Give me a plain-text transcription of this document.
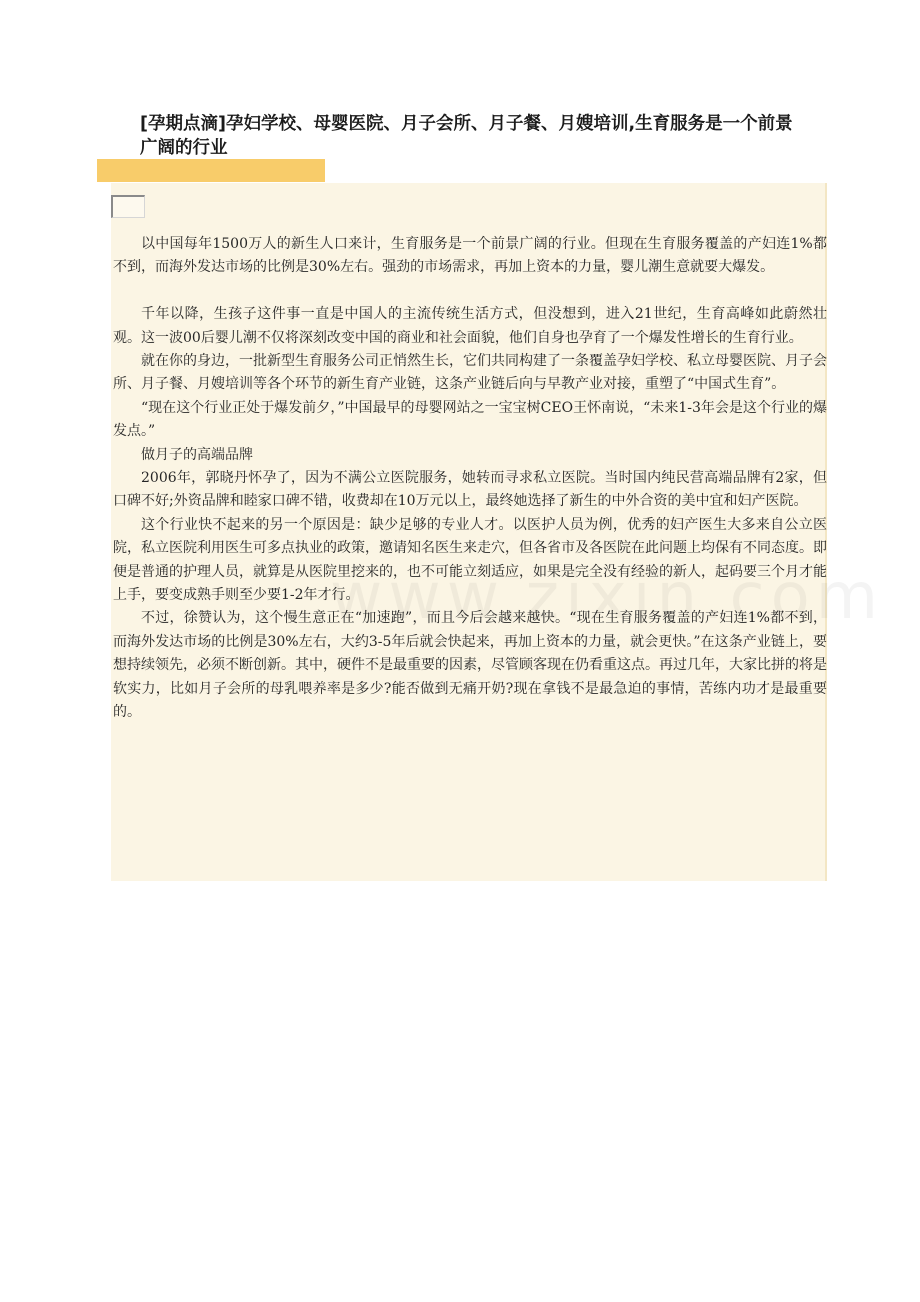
[孕期点滴]孕妇学校、母婴医院、月子会所、月子餐、月嫂培训,生育服务是一个前景广阔的行业

以中国每年1500万人的新生人口来计，生育服务是一个前景广阔的行业。但现在生育服务覆盖的产妇连1%都不到，而海外发达市场的比例是30%左右。强劲的市场需求，再加上资本的力量，婴儿潮生意就要大爆发。

千年以降，生孩子这件事一直是中国人的主流传统生活方式，但没想到，进入21世纪，生育高峰如此蔚然壮观。这一波00后婴儿潮不仅将深刻改变中国的商业和社会面貌，他们自身也孕育了一个爆发性增长的生育行业。

就在你的身边，一批新型生育服务公司正悄然生长，它们共同构建了一条覆盖孕妇学校、私立母婴医院、月子会所、月子餐、月嫂培训等各个环节的新生育产业链，这条产业链后向与早教产业对接，重塑了“中国式生育”。

“现在这个行业正处于爆发前夕，”中国最早的母婴网站之一宝宝树CEO王怀南说，“未来1-3年会是这个行业的爆发点。”

做月子的高端品牌

2006年，郭晓丹怀孕了，因为不满公立医院服务，她转而寻求私立医院。当时国内纯民营高端品牌有2家，但口碑不好;外资品牌和睦家口碑不错，收费却在10万元以上，最终她选择了新生的中外合资的美中宜和妇产医院。

这个行业快不起来的另一个原因是：缺少足够的专业人才。以医护人员为例，优秀的妇产医生大多来自公立医院，私立医院利用医生可多点执业的政策，邀请知名医生来走穴，但各省市及各医院在此问题上均保有不同态度。即便是普通的护理人员，就算是从医院里挖来的，也不可能立刻适应，如果是完全没有经验的新人，起码要三个月才能上手，要变成熟手则至少要1-2年才行。

不过，徐赞认为，这个慢生意正在“加速跑”，而且今后会越来越快。“现在生育服务覆盖的产妇连1%都不到，而海外发达市场的比例是30%左右，大约3-5年后就会快起来，再加上资本的力量，就会更快。”在这条产业链上，要想持续领先，必须不断创新。其中，硬件不是最重要的因素，尽管顾客现在仍看重这点。再过几年，大家比拼的将是软实力，比如月子会所的母乳喂养率是多少?能否做到无痛开奶?现在拿钱不是最急迫的事情，苦练内功才是最重要的。
